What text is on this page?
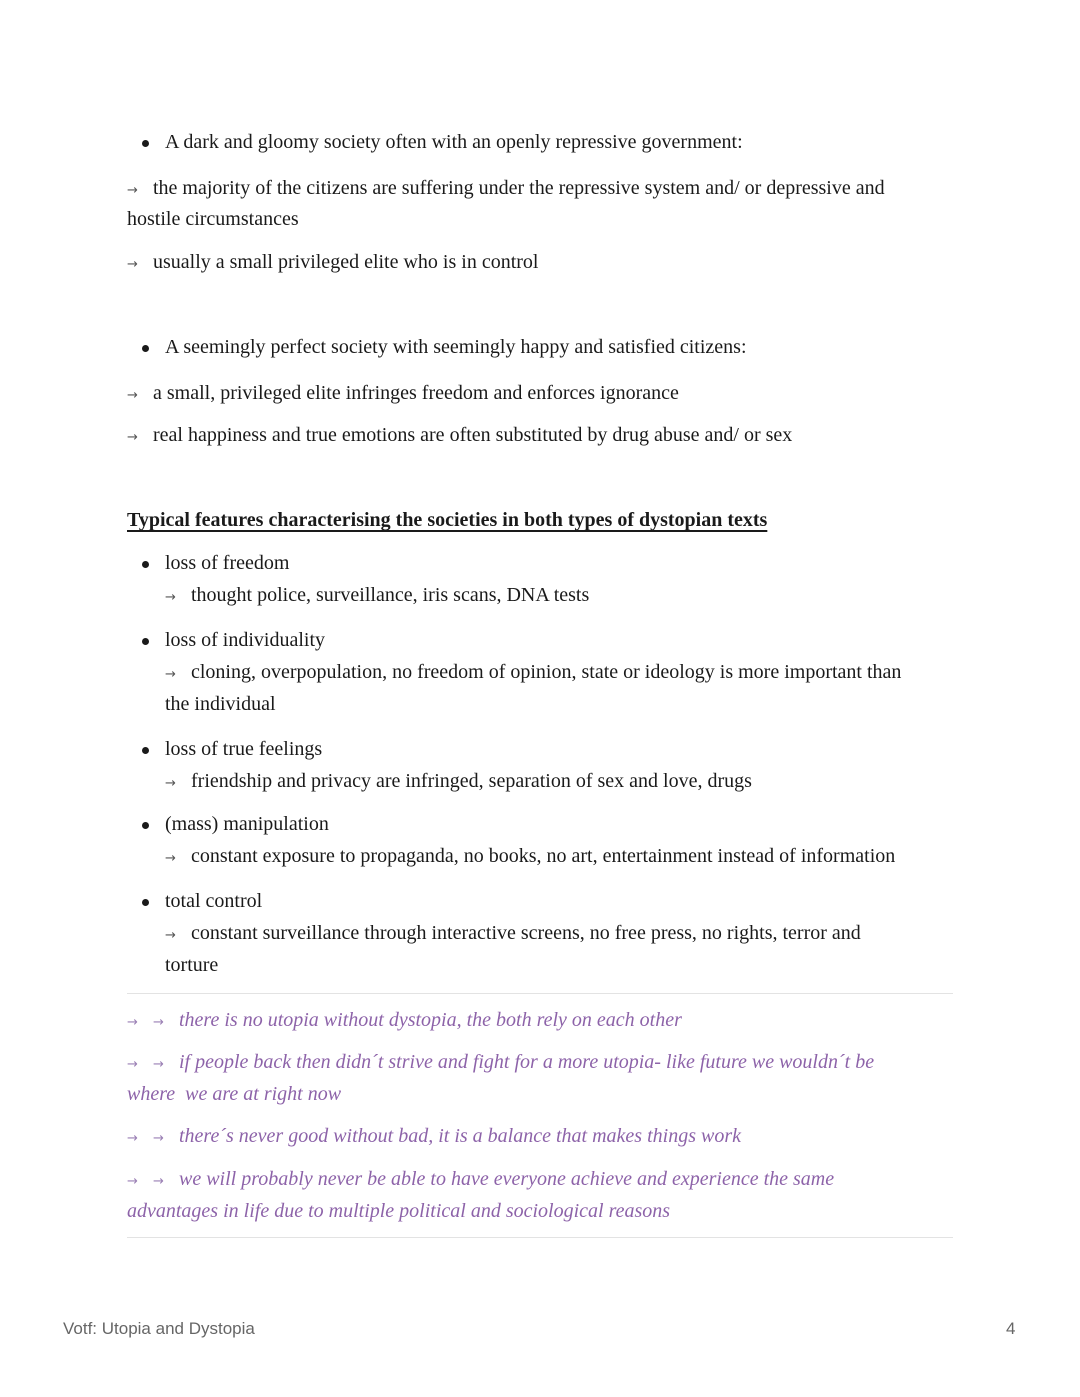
A dark and gloomy society often with an openly repressive government:
→ the majority of the citizens are suffering under the repressive system and/ or depressive and
hostile circumstances
→ usually a small privileged elite who is in control
A seemingly perfect society with seemingly happy and satisfied citizens:
→ a small, privileged elite infringes freedom and enforces ignorance
→ real happiness and true emotions are often substituted by drug abuse and/ or sex
Typical features characterising the societies in both types of dystopian texts
loss of freedom
→ thought police, surveillance, iris scans, DNA tests
loss of individuality
→ cloning, overpopulation, no freedom of opinion, state or ideology is more important than
the individual
loss of true feelings
→ friendship and privacy are infringed, separation of sex and love, drugs
(mass) manipulation
→ constant exposure to propaganda, no books, no art, entertainment instead of information
total control
→ constant surveillance through interactive screens, no free press, no rights, terror and
torture
→ → there is no utopia without dystopia, the both rely on each other
→ → if people back then didn´t strive and fight for a more utopia- like future we wouldn´t be
where  we are at right now
→ → there´s never good without bad, it is a balance that makes things work
→ → we will probably never be able to have everyone achieve and experience the same
advantages in life due to multiple political and sociological reasons
Votf: Utopia and Dystopia	4
